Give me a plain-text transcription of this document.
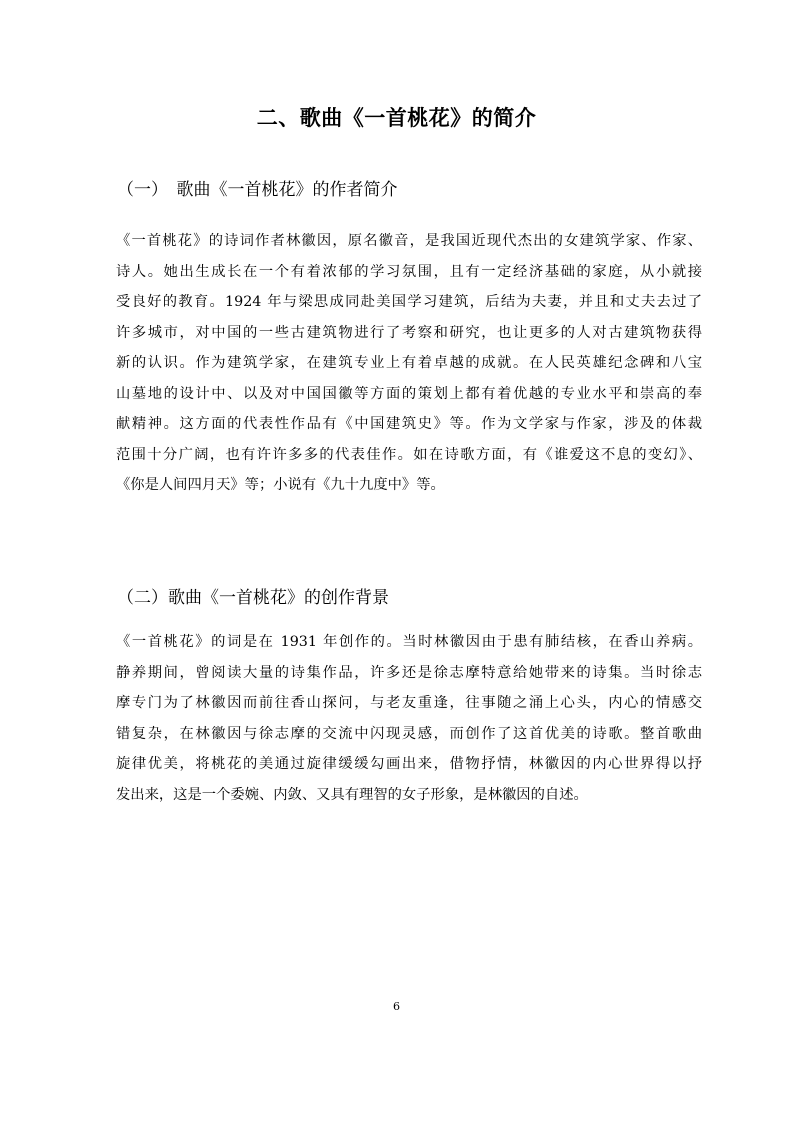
二、歌曲《一首桃花》的简介
（一）　歌曲《一首桃花》的作者简介
《一首桃花》的诗词作者林徽因，原名徽音，是我国近现代杰出的女建筑学家、作家、
诗人。她出生成长在一个有着浓郁的学习氛围，且有一定经济基础的家庭，从小就接
受良好的教育。1924 年与梁思成同赴美国学习建筑，后结为夫妻，并且和丈夫去过了
许多城市，对中国的一些古建筑物进行了考察和研究，也让更多的人对古建筑物获得
新的认识。作为建筑学家，在建筑专业上有着卓越的成就。在人民英雄纪念碑和八宝
山墓地的设计中、以及对中国国徽等方面的策划上都有着优越的专业水平和崇高的奉
献精神。这方面的代表性作品有《中国建筑史》等。作为文学家与作家，涉及的体裁
范围十分广阔，也有许许多多的代表佳作。如在诗歌方面，有《谁爱这不息的变幻》、
《你是人间四月天》等；小说有《九十九度中》等。
（二）歌曲《一首桃花》的创作背景
《一首桃花》的词是在 1931 年创作的。当时林徽因由于患有肺结核，在香山养病。
静养期间，曾阅读大量的诗集作品，许多还是徐志摩特意给她带来的诗集。当时徐志
摩专门为了林徽因而前往香山探问，与老友重逢，往事随之涌上心头，内心的情感交
错复杂，在林徽因与徐志摩的交流中闪现灵感，而创作了这首优美的诗歌。整首歌曲
旋律优美，将桃花的美通过旋律缓缓勾画出来，借物抒情，林徽因的内心世界得以抒
发出来，这是一个委婉、内敛、又具有理智的女子形象，是林徽因的自述。
6
